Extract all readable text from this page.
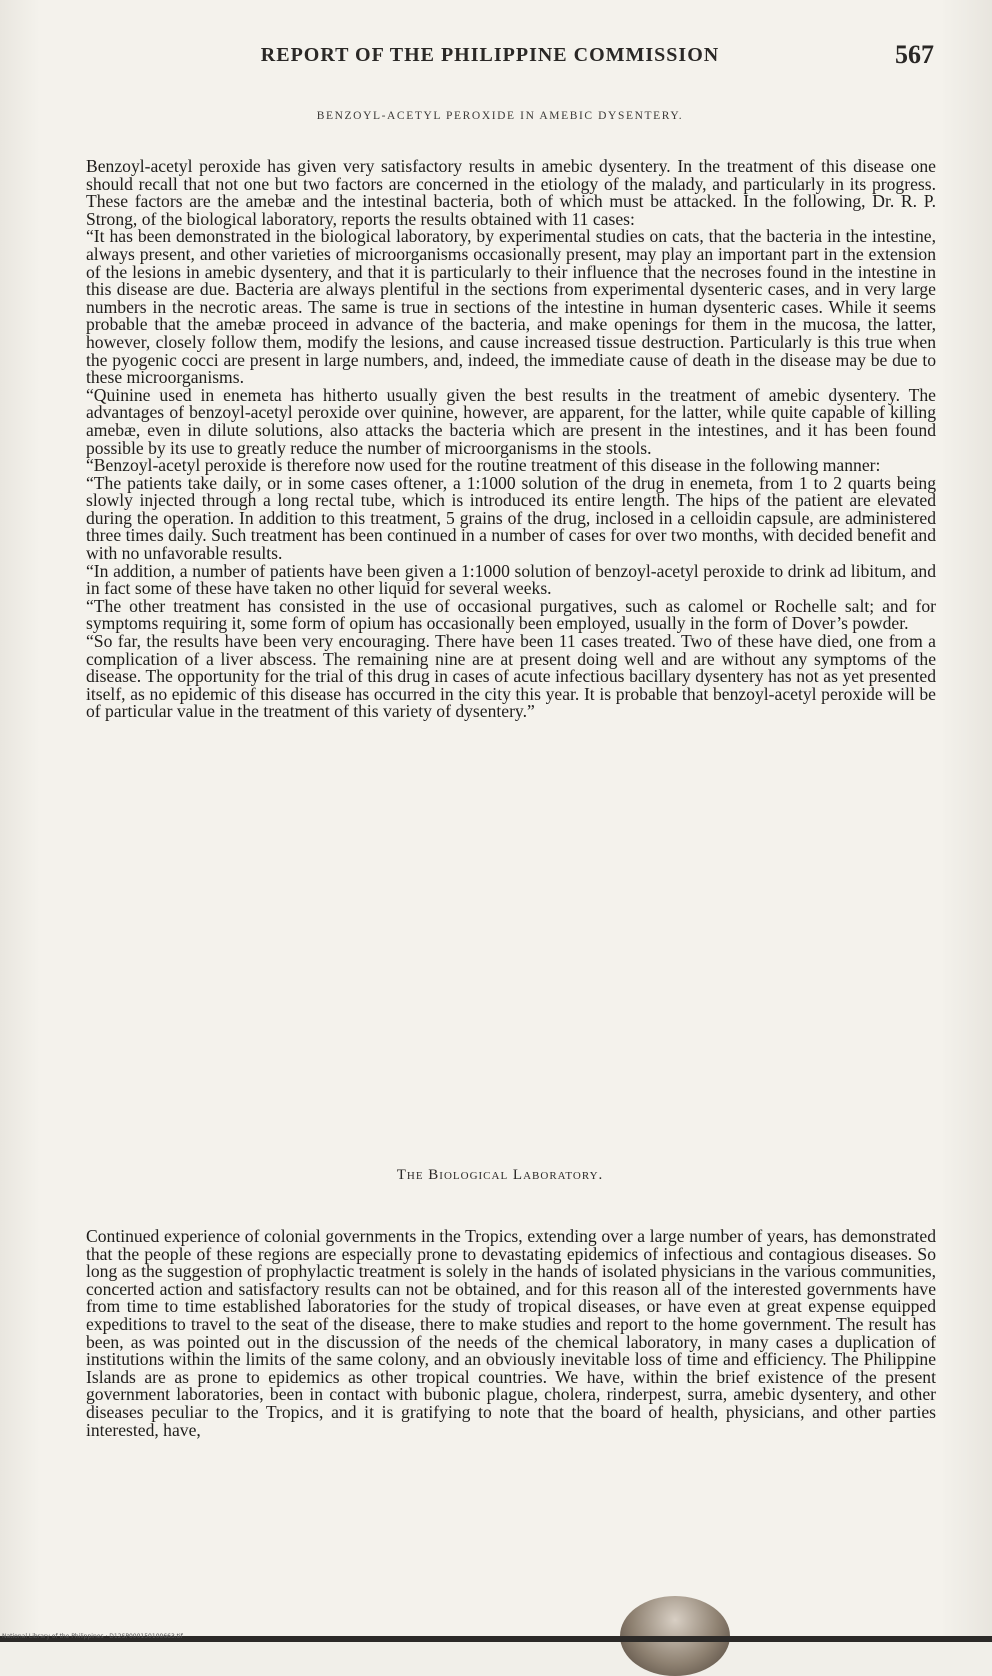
REPORT OF THE PHILIPPINE COMMISSION	567
BENZOYL-ACETYL PEROXIDE IN AMEBIC DYSENTERY.

Benzoyl-acetyl peroxide has given very satisfactory results in amebic dysentery. In the treatment of this disease one should recall that not one but two factors are concerned in the etiology of the malady, and particularly in its progress. These factors are the amebæ and the intestinal bacteria, both of which must be attacked. In the following, Dr. R. P. Strong, of the biological laboratory, reports the results obtained with 11 cases:

“It has been demonstrated in the biological laboratory, by experimental studies on cats, that the bacteria in the intestine, always present, and other varieties of microorganisms occasionally present, may play an important part in the extension of the lesions in amebic dysentery, and that it is particularly to their influence that the necroses found in the intestine in this disease are due. Bacteria are always plentiful in the sections from experimental dysenteric cases, and in very large numbers in the necrotic areas. The same is true in sections of the intestine in human dysenteric cases. While it seems probable that the amebæ proceed in advance of the bacteria, and make openings for them in the mucosa, the latter, however, closely follow them, modify the lesions, and cause increased tissue destruction. Particularly is this true when the pyogenic cocci are present in large numbers, and, indeed, the immediate cause of death in the disease may be due to these microorganisms.

“Quinine used in enemeta has hitherto usually given the best results in the treatment of amebic dysentery. The advantages of benzoyl-acetyl peroxide over quinine, however, are apparent, for the latter, while quite capable of killing amebæ, even in dilute solutions, also attacks the bacteria which are present in the intestines, and it has been found possible by its use to greatly reduce the number of microorganisms in the stools.

“Benzoyl-acetyl peroxide is therefore now used for the routine treatment of this disease in the following manner:

“The patients take daily, or in some cases oftener, a 1:1000 solution of the drug in enemeta, from 1 to 2 quarts being slowly injected through a long rectal tube, which is introduced its entire length. The hips of the patient are elevated during the operation. In addition to this treatment, 5 grains of the drug, inclosed in a celloidin capsule, are administered three times daily. Such treatment has been continued in a number of cases for over two months, with decided benefit and with no unfavorable results.

“In addition, a number of patients have been given a 1:1000 solution of benzoyl-acetyl peroxide to drink ad libitum, and in fact some of these have taken no other liquid for several weeks.

“The other treatment has consisted in the use of occasional purgatives, such as calomel or Rochelle salt; and for symptoms requiring it, some form of opium has occasionally been employed, usually in the form of Dover’s powder.

“So far, the results have been very encouraging. There have been 11 cases treated. Two of these have died, one from a complication of a liver abscess. The remaining nine are at present doing well and are without any symptoms of the disease. The opportunity for the trial of this drug in cases of acute infectious bacillary dysentery has not as yet presented itself, as no epidemic of this disease has occurred in the city this year. It is probable that benzoyl-acetyl peroxide will be of particular value in the treatment of this variety of dysentery.”

The Biological Laboratory.

Continued experience of colonial governments in the Tropics, extending over a large number of years, has demonstrated that the people of these regions are especially prone to devastating epidemics of infectious and contagious diseases. So long as the suggestion of prophylactic treatment is solely in the hands of isolated physicians in the various communities, concerted action and satisfactory results can not be obtained, and for this reason all of the interested governments have from time to time established laboratories for the study of tropical diseases, or have even at great expense equipped expeditions to travel to the seat of the disease, there to make studies and report to the home government. The result has been, as was pointed out in the discussion of the needs of the chemical laboratory, in many cases a duplication of institutions within the limits of the same colony, and an obviously inevitable loss of time and efficiency. The Philippine Islands are as prone to epidemics as other tropical countries. We have, within the brief existence of the present government laboratories, been in contact with bubonic plague, cholera, rinderpest, surra, amebic dysentery, and other diseases peculiar to the Tropics, and it is gratifying to note that the board of health, physicians, and other parties interested, have,

National Library of the Philippines · D12SP000150100663.tif
